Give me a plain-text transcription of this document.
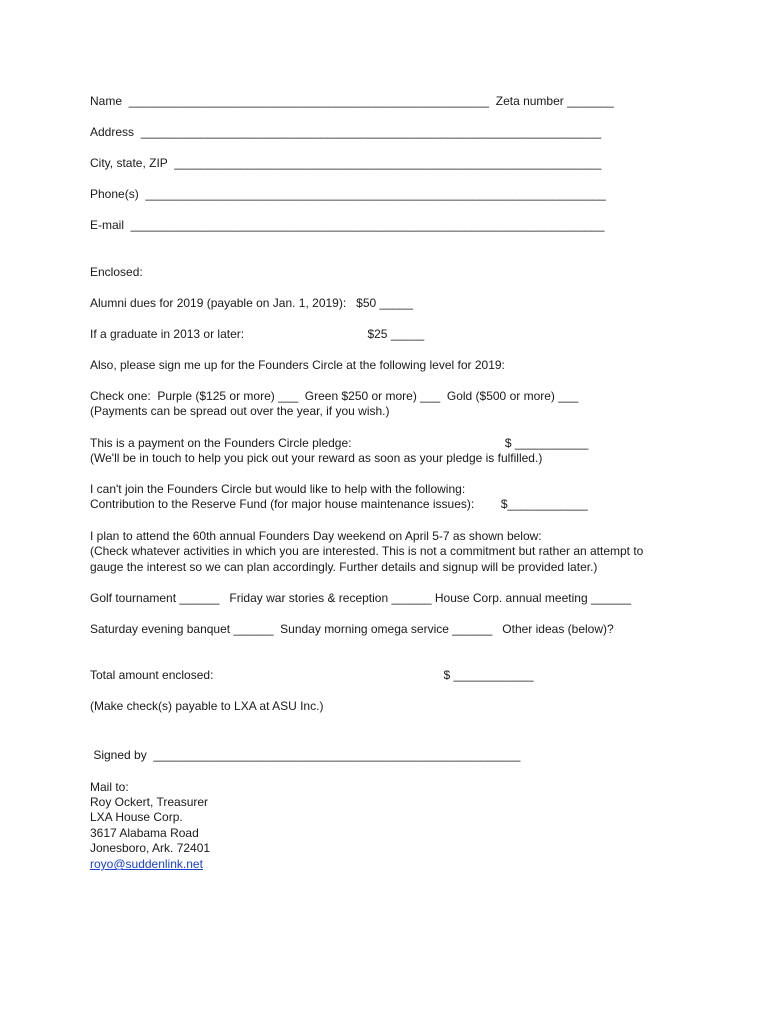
Name  ______________________________________________________  Zeta number _______
Address  _____________________________________________________________________
City, state, ZIP  ________________________________________________________________
Phone(s)  _____________________________________________________________________
E-mail  _______________________________________________________________________
Enclosed:
Alumni dues for 2019 (payable on Jan. 1, 2019):   $50 _____
If a graduate in 2013 or later:                                     $25 _____
Also, please sign me up for the Founders Circle at the following level for 2019:
Check one:  Purple ($125 or more) ___  Green $250 or more) ___  Gold ($500 or more) ___
(Payments can be spread out over the year, if you wish.)
This is a payment on the Founders Circle pledge:                                              $ ___________
(We'll be in touch to help you pick out your reward as soon as your pledge is fulfilled.)
I can't join the Founders Circle but would like to help with the following:
Contribution to the Reserve Fund (for major house maintenance issues):        $____________
I plan to attend the 60th annual Founders Day weekend on April 5-7 as shown below:
(Check whatever activities in which you are interested. This is not a commitment but rather an attempt to
gauge the interest so we can plan accordingly. Further details and signup will be provided later.)
Golf tournament ______   Friday war stories & reception ______ House Corp. annual meeting ______
Saturday evening banquet ______  Sunday morning omega service ______   Other ideas (below)?
Total amount enclosed:                                                                     $ ____________
(Make check(s) payable to LXA at ASU Inc.)
Signed by  _______________________________________________________
Mail to:
Roy Ockert, Treasurer
LXA House Corp.
3617 Alabama Road
Jonesboro, Ark. 72401
royo@suddenlink.net
